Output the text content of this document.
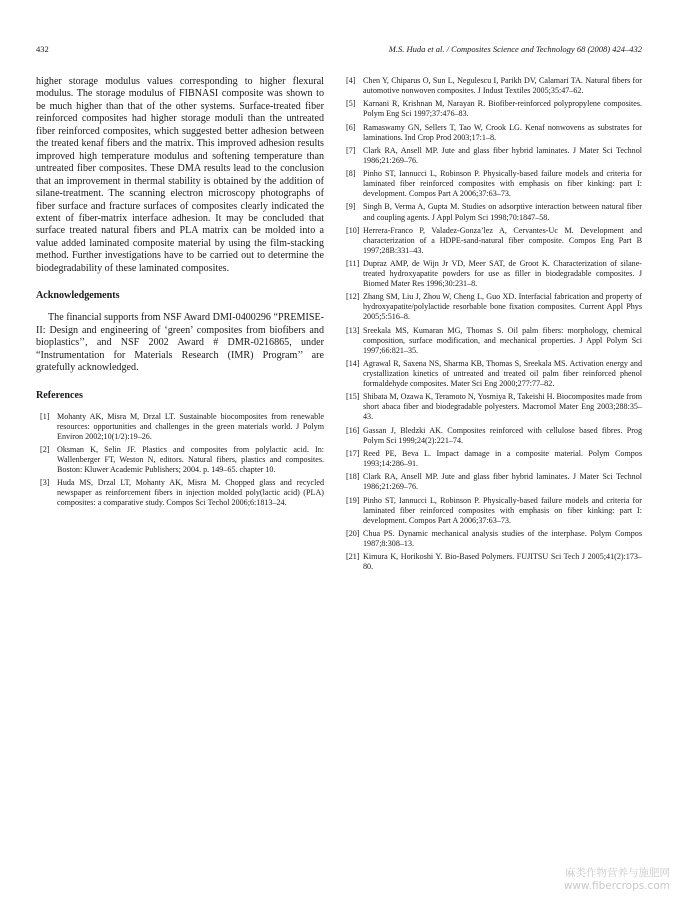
432	M.S. Huda et al. / Composites Science and Technology 68 (2008) 424–432

higher storage modulus values corresponding to higher flexural modulus. The storage modulus of FIBNASI composite was shown to be much higher than that of the other systems. Surface-treated fiber reinforced composites had higher storage moduli than the untreated fiber reinforced composites, which suggested better adhesion between the treated kenaf fibers and the matrix. This improved adhesion results improved high temperature modulus and softening temperature than untreated fiber composites. These DMA results lead to the conclusion that an improvement in thermal stability is obtained by the addition of silane-treatment. The scanning electron microscopy photographs of fiber surface and fracture surfaces of composites clearly indicated the extent of fiber-matrix interface adhesion. It may be concluded that surface treated natural fibers and PLA matrix can be molded into a value added laminated composite material by using the film-stacking method. Further investigations have to be carried out to determine the biodegradability of these laminated composites.

Acknowledgements

The financial supports from NSF Award DMI-0400296 “PREMISE-II: Design and engineering of ‘green’ composites from biofibers and bioplastics’’, and NSF 2002 Award # DMR-0216865, under “Instrumentation for Materials Research (IMR) Program’’ are gratefully acknowledged.

References
[1] Mohanty AK, Misra M, Drzal LT. Sustainable biocomposites from renewable resources: opportunities and challenges in the green materials world. J Polym Environ 2002;10(1/2):19–26.
[2] Oksman K, Selin JF. Plastics and composites from polylactic acid. In: Wallenberger FT, Weston N, editors. Natural fibers, plastics and composites. Boston: Kluwer Academic Publishers; 2004. p. 149–65. chapter 10.
[3] Huda MS, Drzal LT, Mohanty AK, Misra M. Chopped glass and recycled newspaper as reinforcement fibers in injection molded poly(lactic acid) (PLA) composites: a comparative study. Compos Sci Techol 2006;6:1813–24.
[4] Chen Y, Chiparus O, Sun L, Negulescu I, Parikh DV, Calamari TA. Natural fibers for automotive nonwoven composites. J Indust Textiles 2005;35:47–62.
[5] Karnani R, Krishnan M, Narayan R. Biofiber-reinforced polypropylene composites. Polym Eng Sci 1997;37:476–83.
[6] Ramaswamy GN, Sellers T, Tao W, Crook LG. Kenaf nonwovens as substrates for laminations. Ind Crop Prod 2003;17:1–8.
[7] Clark RA, Ansell MP. Jute and glass fiber hybrid laminates. J Mater Sci Technol 1986;21:269–76.
[8] Pinho ST, Iannucci L, Robinson P. Physically-based failure models and criteria for laminated fiber reinforced composites with emphasis on fiber kinking: part I: development. Compos Part A 2006;37:63–73.
[9] Singh B, Verma A, Gupta M. Studies on adsorptive interaction between natural fiber and coupling agents. J Appl Polym Sci 1998;70:1847–58.
[10] Herrera-Franco P, Valadez-Gonza’lez A, Cervantes-Uc M. Development and characterization of a HDPE-sand-natural fiber composite. Compos Eng Part B 1997;28B:331–43.
[11] Dupraz AMP, de Wijn Jr VD, Meer SAT, de Groot K. Characterization of silane-treated hydroxyapatite powders for use as filler in biodegradable composites. J Biomed Mater Res 1996;30:231–8.
[12] Zhang SM, Liu J, Zhou W, Cheng L, Guo XD. Interfacial fabrication and property of hydroxyapatite/polylactide resorbable bone fixation composites. Current Appl Phys 2005;5:516–8.
[13] Sreekala MS, Kumaran MG, Thomas S. Oil palm fibers: morphology, chemical composition, surface modification, and mechanical properties. J Appl Polym Sci 1997;66:821–35.
[14] Agrawal R, Saxena NS, Sharma KB, Thomas S, Sreekala MS. Activation energy and crystallization kinetics of untreated and treated oil palm fiber reinforced phenol formaldehyde composites. Mater Sci Eng 2000;277:77–82.
[15] Shibata M, Ozawa K, Teramoto N, Yosmiya R, Takeishi H. Biocomposites made from short abaca fiber and biodegradable polyesters. Macromol Mater Eng 2003;288:35–43.
[16] Gassan J, Bledzki AK. Composites reinforced with cellulose based fibres. Prog Polym Sci 1999;24(2):221–74.
[17] Reed PE, Beva L. Impact damage in a composite material. Polym Compos 1993;14:286–91.
[18] Clark RA, Ansell MP. Jute and glass fiber hybrid laminates. J Mater Sci Technol 1986;21:269–76.
[19] Pinho ST, Iannucci L, Robinson P. Physically-based failure models and criteria for laminated fiber reinforced composites with emphasis on fiber kinking: part I: development. Compos Part A 2006;37:63–73.
[20] Chua PS. Dynamic mechanical analysis studies of the interphase. Polym Compos 1987;8:308–13.
[21] Kimura K, Horikoshi Y. Bio-Based Polymers. FUJITSU Sci Tech J 2005;41(2):173–80.
麻类作物营养与施肥网
www.fibercrops.com
